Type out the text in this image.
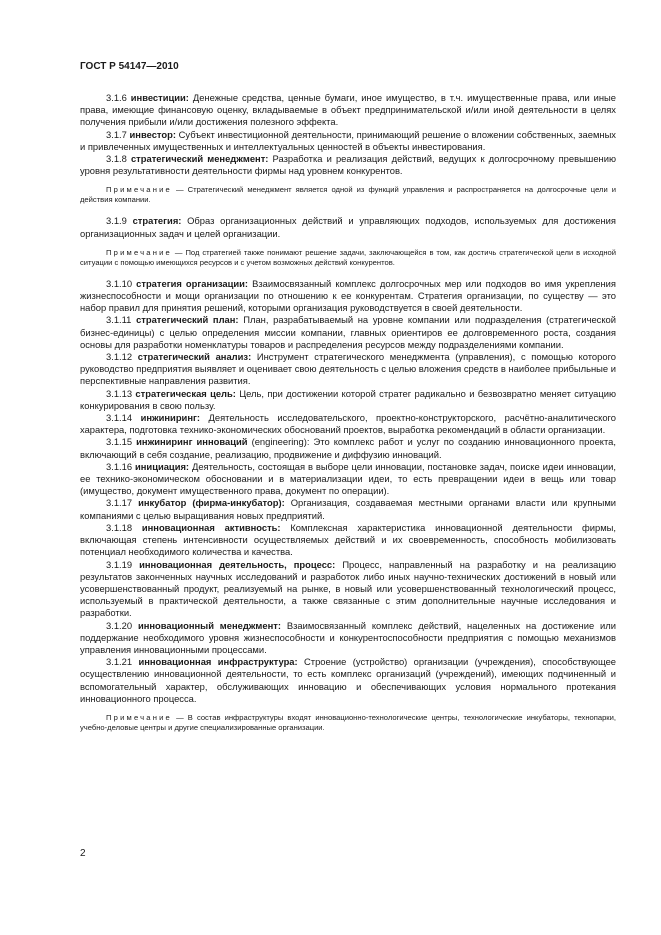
ГОСТ Р 54147—2010

3.1.6 инвестиции: Денежные средства, ценные бумаги, иное имущество, в т.ч. имущественные права, или иные права, имеющие финансовую оценку, вкладываемые в объект предпринимательской и/или иной деятельности в целях получения прибыли и/или достижения полезного эффекта.

3.1.7 инвестор: Субъект инвестиционной деятельности, принимающий решение о вложении собственных, заемных и привлеченных имущественных и интеллектуальных ценностей в объекты инвестирования.

3.1.8 стратегический менеджмент: Разработка и реализация действий, ведущих к долгосрочному превышению уровня результативности деятельности фирмы над уровнем конкурентов.

Примечание — Стратегический менеджмент является одной из функций управления и распространяется на долгосрочные цели и действия компании.

3.1.9 стратегия: Образ организационных действий и управляющих подходов, используемых для достижения организационных задач и целей организации.

Примечание — Под стратегией также понимают решение задачи, заключающейся в том, как достичь стратегической цели в исходной ситуации с помощью имеющихся ресурсов и с учетом возможных действий конкурентов.

3.1.10 стратегия организации: Взаимосвязанный комплекс долгосрочных мер или подходов во имя укрепления жизнеспособности и мощи организации по отношению к ее конкурентам. Стратегия организации, по существу — это набор правил для принятия решений, которыми организация руководствуется в своей деятельности.

3.1.11 стратегический план: План, разрабатываемый на уровне компании или подразделения (стратегической бизнес-единицы) с целью определения миссии компании, главных ориентиров ее долговременного роста, создания основы для разработки номенклатуры товаров и распределения ресурсов между подразделениями компании.

3.1.12 стратегический анализ: Инструмент стратегического менеджмента (управления), с помощью которого руководство предприятия выявляет и оценивает свою деятельность с целью вложения средств в наиболее прибыльные и перспективные направления развития.

3.1.13 стратегическая цель: Цель, при достижении которой стратег радикально и безвозвратно меняет ситуацию конкурирования в свою пользу.

3.1.14 инжиниринг: Деятельность исследовательского, проектно-конструкторского, расчётно-аналитического характера, подготовка технико-экономических обоснований проектов, выработка рекомендаций в области организации.

3.1.15 инжиниринг инноваций (engineering): Это комплекс работ и услуг по созданию инновационного проекта, включающий в себя создание, реализацию, продвижение и диффузию инноваций.

3.1.16 инициация: Деятельность, состоящая в выборе цели инновации, постановке задач, поиске идеи инновации, ее технико-экономическом обосновании и в материализации идеи, то есть превращении идеи в вещь или товар (имущество, документ имущественного права, документ по операции).

3.1.17 инкубатор (фирма-инкубатор): Организация, создаваемая местными органами власти или крупными компаниями с целью выращивания новых предприятий.

3.1.18 инновационная активность: Комплексная характеристика инновационной деятельности фирмы, включающая степень интенсивности осуществляемых действий и их своевременность, способность мобилизовать потенциал необходимого количества и качества.

3.1.19 инновационная деятельность, процесс: Процесс, направленный на разработку и на реализацию результатов законченных научных исследований и разработок либо иных научно-технических достижений в новый или усовершенствованный продукт, реализуемый на рынке, в новый или усовершенствованный технологический процесс, используемый в практической деятельности, а также связанные с этим дополнительные научные исследования и разработки.

3.1.20 инновационный менеджмент: Взаимосвязанный комплекс действий, нацеленных на достижение или поддержание необходимого уровня жизнеспособности и конкурентоспособности предприятия с помощью механизмов управления инновационными процессами.

3.1.21 инновационная инфраструктура: Строение (устройство) организации (учреждения), способствующее осуществлению инновационной деятельности, то есть комплекс организаций (учреждений), имеющих подчиненный и вспомогательный характер, обслуживающих инновацию и обеспечивающих условия нормального протекания инновационного процесса.

Примечание — В состав инфраструктуры входят инновационно-технологические центры, технологические инкубаторы, технопарки, учебно-деловые центры и другие специализированные организации.

2
